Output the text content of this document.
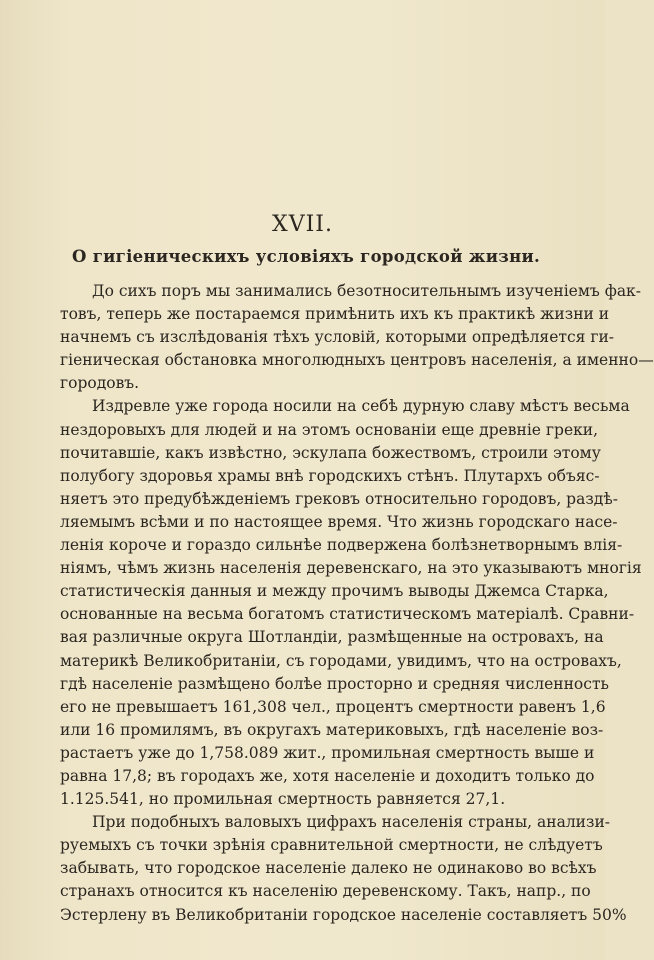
XVII.
О гигіеническихъ условіяхъ городской жизни.
До сихъ поръ мы занимались безотносительнымъ изученіемъ фак-
товъ, теперь же постараемся примѣнить ихъ къ практикѣ жизни и
начнемъ съ изслѣдованія тѣхъ условій, которыми опредѣляется ги-
гіеническая обстановка многолюдныхъ центровъ населенія, а именно—
городовъ.
Издревле уже города носили на себѣ дурную славу мѣстъ весьма
нездоровыхъ для людей и на этомъ основаніи еще древніе греки,
почитавшіе, какъ извѣстно, эскулапа божествомъ, строили этому
полубогу здоровья храмы внѣ городскихъ стѣнъ. Плутархъ объяс-
няетъ это предубѣжденіемъ грековъ относительно городовъ, раздѣ-
ляемымъ всѣми и по настоящее время. Что жизнь городскаго насе-
ленія короче и гораздо сильнѣе подвержена болѣзнетворнымъ влія-
ніямъ, чѣмъ жизнь населенія деревенскаго, на это указываютъ многія
статистическія данныя и между прочимъ выводы Джемса Старка,
основанные на весьма богатомъ статистическомъ матеріалѣ. Сравни-
вая различные округа Шотландіи, размѣщенные на островахъ, на
материкѣ Великобританіи, съ городами, увидимъ, что на островахъ,
гдѣ населеніе размѣщено болѣе просторно и средняя численность
его не превышаетъ 161,308 чел., процентъ смертности равенъ 1,6
или 16 промилямъ, въ округахъ материковыхъ, гдѣ населеніе воз-
растаетъ уже до 1,758.089 жит., промильная смертность выше и
равна 17,8; въ городахъ же, хотя населеніе и доходитъ только до
1.125.541, но промильная смертность равняется 27,1.
При подобныхъ валовыхъ цифрахъ населенія страны, анализи-
руемыхъ съ точки зрѣнія сравнительной смертности, не слѣдуетъ
забывать, что городское населеніе далеко не одинаково во всѣхъ
странахъ относится къ населенію деревенскому. Такъ, напр., по
Эстерлену въ Великобританіи городское населеніе составляетъ 50%
